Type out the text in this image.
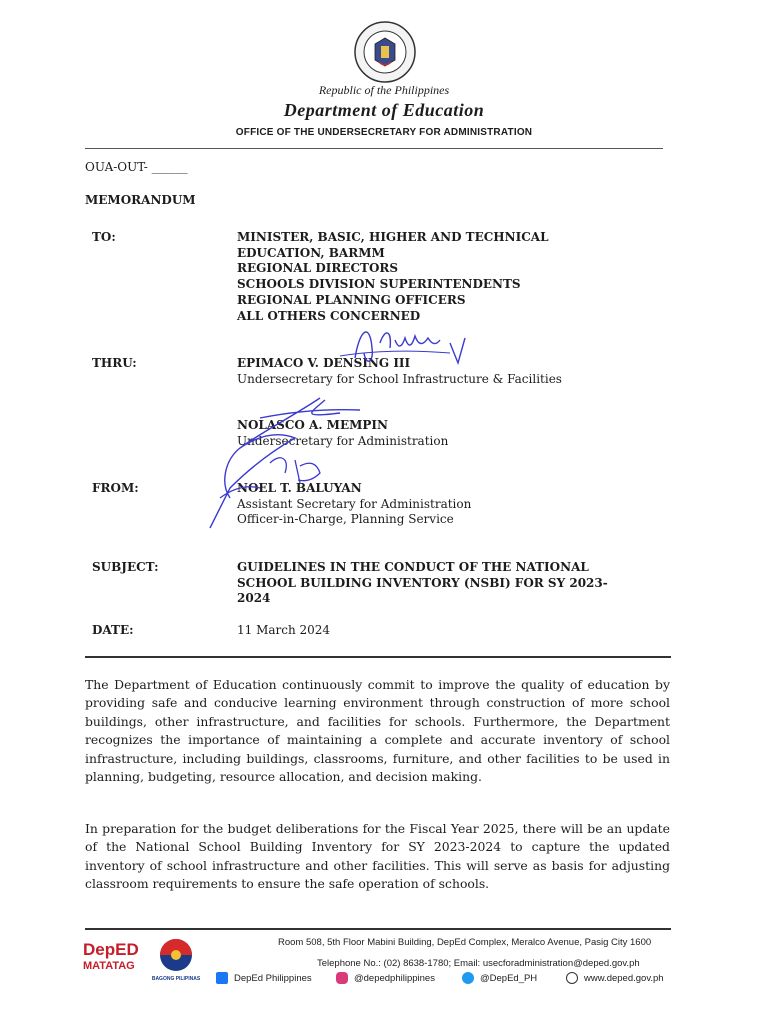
Republic of the Philippines
Department of Education
OFFICE OF THE UNDERSECRETARY FOR ADMINISTRATION
OUA-OUT- ______
MEMORANDUM
TO:	MINISTER, BASIC, HIGHER AND TECHNICAL
EDUCATION, BARMM
REGIONAL DIRECTORS
SCHOOLS DIVISION SUPERINTENDENTS
REGIONAL PLANNING OFFICERS
ALL OTHERS CONCERNED
THRU:	EPIMACO V. DENSING III
Undersecretary for School Infrastructure & Facilities
NOLASCO A. MEMPIN
Undersecretary for Administration
FROM:	NOEL T. BALUYAN
Assistant Secretary for Administration
Officer-in-Charge, Planning Service
SUBJECT:	GUIDELINES IN THE CONDUCT OF THE NATIONAL SCHOOL BUILDING INVENTORY (NSBI) FOR SY 2023-2024
DATE:	11 March 2024
The Department of Education continuously commit to improve the quality of education by providing safe and conducive learning environment through construction of more school buildings, other infrastructure, and facilities for schools. Furthermore, the Department recognizes the importance of maintaining a complete and accurate inventory of school infrastructure, including buildings, classrooms, furniture, and other facilities to be used in planning, budgeting, resource allocation, and decision making.
In preparation for the budget deliberations for the Fiscal Year 2025, there will be an update of the National School Building Inventory for SY 2023-2024 to capture the updated inventory of school infrastructure and other facilities. This will serve as basis for adjusting classroom requirements to ensure the safe operation of schools.
DepED
MATATAG
BAGONG PILIPINAS
Room 508, 5th Floor Mabini Building, DepEd Complex, Meralco Avenue, Pasig City 1600
Telephone No.: (02) 8638-1780; Email: usecforadministration@deped.gov.ph
DepEd Philippines	@depedphilippines	@DepEd_PH	www.deped.gov.ph
